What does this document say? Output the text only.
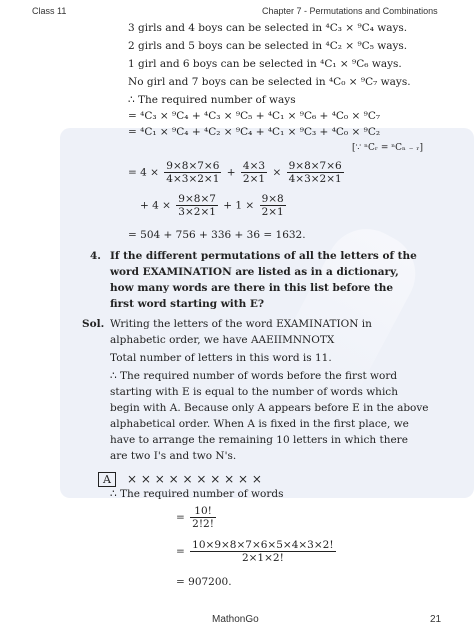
Class 11	Chapter 7 - Permutations and Combinations
3 girls and 4 boys can be selected in ⁴C₃ × ⁹C₄ ways.
2 girls and 5 boys can be selected in ⁴C₂ × ⁹C₅ ways.
1 girl and 6 boys can be selected in ⁴C₁ × ⁹C₆ ways.
No girl and 7 boys can be selected in ⁴C₀ × ⁹C₇ ways.
∴ The required number of ways
= ⁴C₃ × ⁹C₄ + ⁴C₃ × ⁹C₅ + ⁴C₁ × ⁹C₆ + ⁴C₀ × ⁹C₇
= ⁴C₁ × ⁹C₄ + ⁴C₂ × ⁹C₄ + ⁴C₁ × ⁹C₃ + ⁴C₀ × ⁹C₂
[∵ ⁿCᵣ = ⁿCₙ ₋ ᵣ]
= $4 \times \frac{9\times 8\times 7\times 6}{4\times 3\times 2\times 1} + \frac{4\times 3}{2\times 1} \times \frac{9\times 8\times 7\times 6}{4\times 3\times 2\times 1}$
+ $4 \times \frac{9\times 8\times 7}{3\times 2\times 1} + 1 \times \frac{9\times 8}{2\times 1}$
= 504 + 756 + 336 + 36 = 1632.
4. If the different permutations of all the letters of the
word EXAMINATION are listed as in a dictionary,
how many words are there in this list before the
first word starting with E?
Sol. Writing the letters of the word EXAMINATION in
alphabetic order, we have AAEIIMNNOTX
Total number of letters in this word is 11.
∴ The required number of words before the first word
starting with E is equal to the number of words which
begin with A. Because only A appears before E in the above
alphabetical order. When A is fixed in the first place, we
have to arrange the remaining 10 letters in which there
are two I's and two N's.
A × × × × × × × × × ×
∴ The required number of words
= $\frac{10!}{2!2!}$
= $\frac{10\times 9\times 8\times 7\times 6\times 5\times 4\times 3\times 2!}{2\times 1\times 2!}$
= 907200.
MathonGo	21
